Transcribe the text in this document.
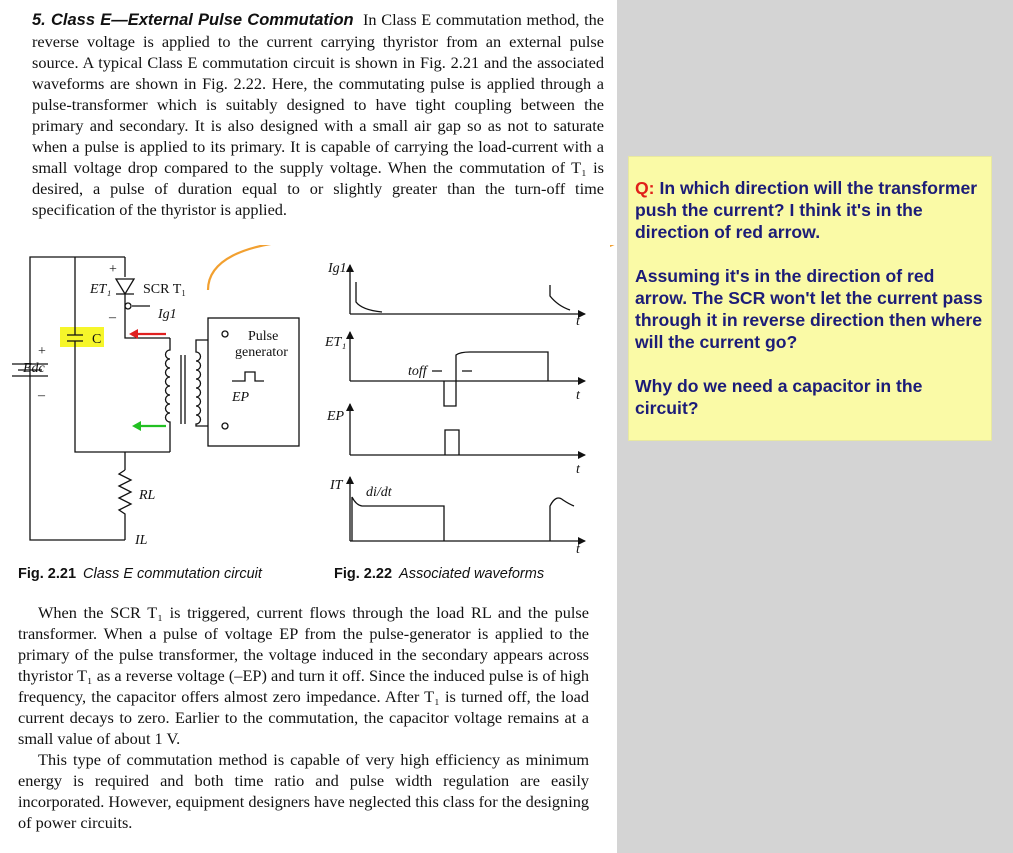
5. Class E—External Pulse Commutation In Class E commutation method, the reverse voltage is applied to the current carrying thyristor from an external pulse source. A typical Class E commutation circuit is shown in Fig. 2.21 and the associated waveforms are shown in Fig. 2.22. Here, the commutating pulse is applied through a pulse-transformer which is suitably designed to have tight coupling between the primary and secondary. It is also designed with a small air gap so as not to saturate when a pulse is applied to its primary. It is capable of carrying the load-current with a small voltage drop compared to the supply voltage. When the commutation of T₁ is desired, a pulse of duration equal to or slightly greater than the turn-off time specification of the thyristor is applied.

+
–
ET₁ SCR T₁
Ig1
C
+
–
Edc
Pulse
generator
EP
RL
IL
Ig1
ET₁
EP
IT di/dt
toff
t
t
t
t
Fig. 2.21 Class E commutation circuit	Fig. 2.22 Associated waveforms

When the SCR T₁ is triggered, current flows through the load RL and the pulse transformer. When a pulse of voltage EP from the pulse-generator is applied to the primary of the pulse transformer, the voltage induced in the secondary appears across thyristor T₁ as a reverse voltage (–EP) and turn it off. Since the induced pulse is of high frequency, the capacitor offers almost zero impedance. After T₁ is turned off, the load current decays to zero. Earlier to the commutation, the capacitor voltage remains at a small value of about 1 V.

This type of commutation method is capable of very high efficiency as minimum energy is required and both time ratio and pulse width regulation are easily incorporated. However, equipment designers have neglected this class for the designing of power circuits.

Q: In which direction will the transformer push the current? I think it's in the direction of red arrow.

Assuming it's in the direction of red arrow. The SCR won't let the current pass through it in reverse direction then where will the current go?

Why do we need a capacitor in the circuit?
